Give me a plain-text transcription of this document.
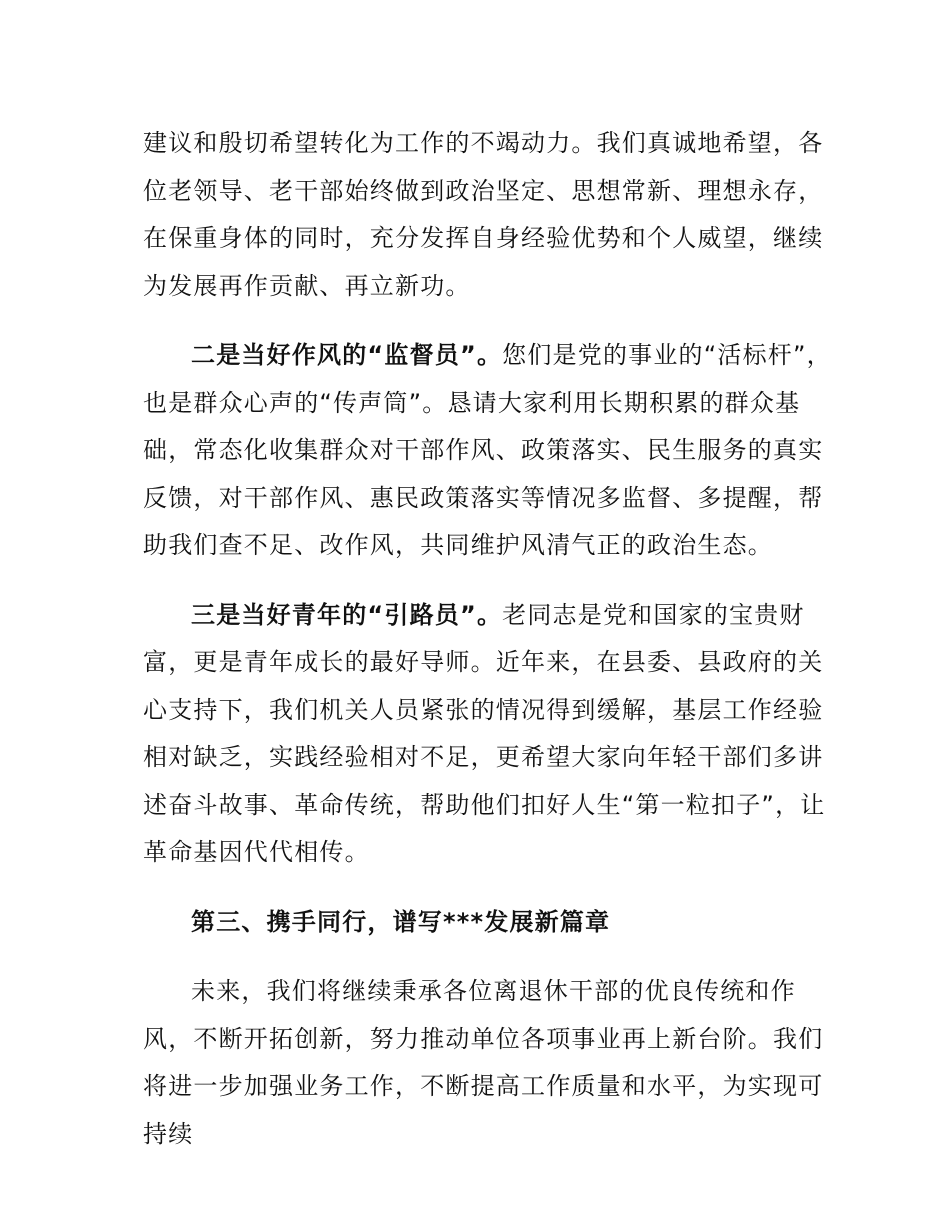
建议和殷切希望转化为工作的不竭动力。我们真诚地希望，各位老领导、老干部始终做到政治坚定、思想常新、理想永存，在保重身体的同时，充分发挥自身经验优势和个人威望，继续为发展再作贡献、再立新功。

二是当好作风的“监督员”。您们是党的事业的“活标杆”，也是群众心声的“传声筒”。恳请大家利用长期积累的群众基础，常态化收集群众对干部作风、政策落实、民生服务的真实反馈，对干部作风、惠民政策落实等情况多监督、多提醒，帮助我们查不足、改作风，共同维护风清气正的政治生态。

三是当好青年的“引路员”。老同志是党和国家的宝贵财富，更是青年成长的最好导师。近年来，在县委、县政府的关心支持下，我们机关人员紧张的情况得到缓解，基层工作经验相对缺乏，实践经验相对不足，更希望大家向年轻干部们多讲述奋斗故事、革命传统，帮助他们扣好人生“第一粒扣子”，让革命基因代代相传。

第三、携手同行，谱写***发展新篇章

未来，我们将继续秉承各位离退休干部的优良传统和作风，不断开拓创新，努力推动单位各项事业再上新台阶。我们将进一步加强业务工作，不断提高工作质量和水平，为实现可持续
